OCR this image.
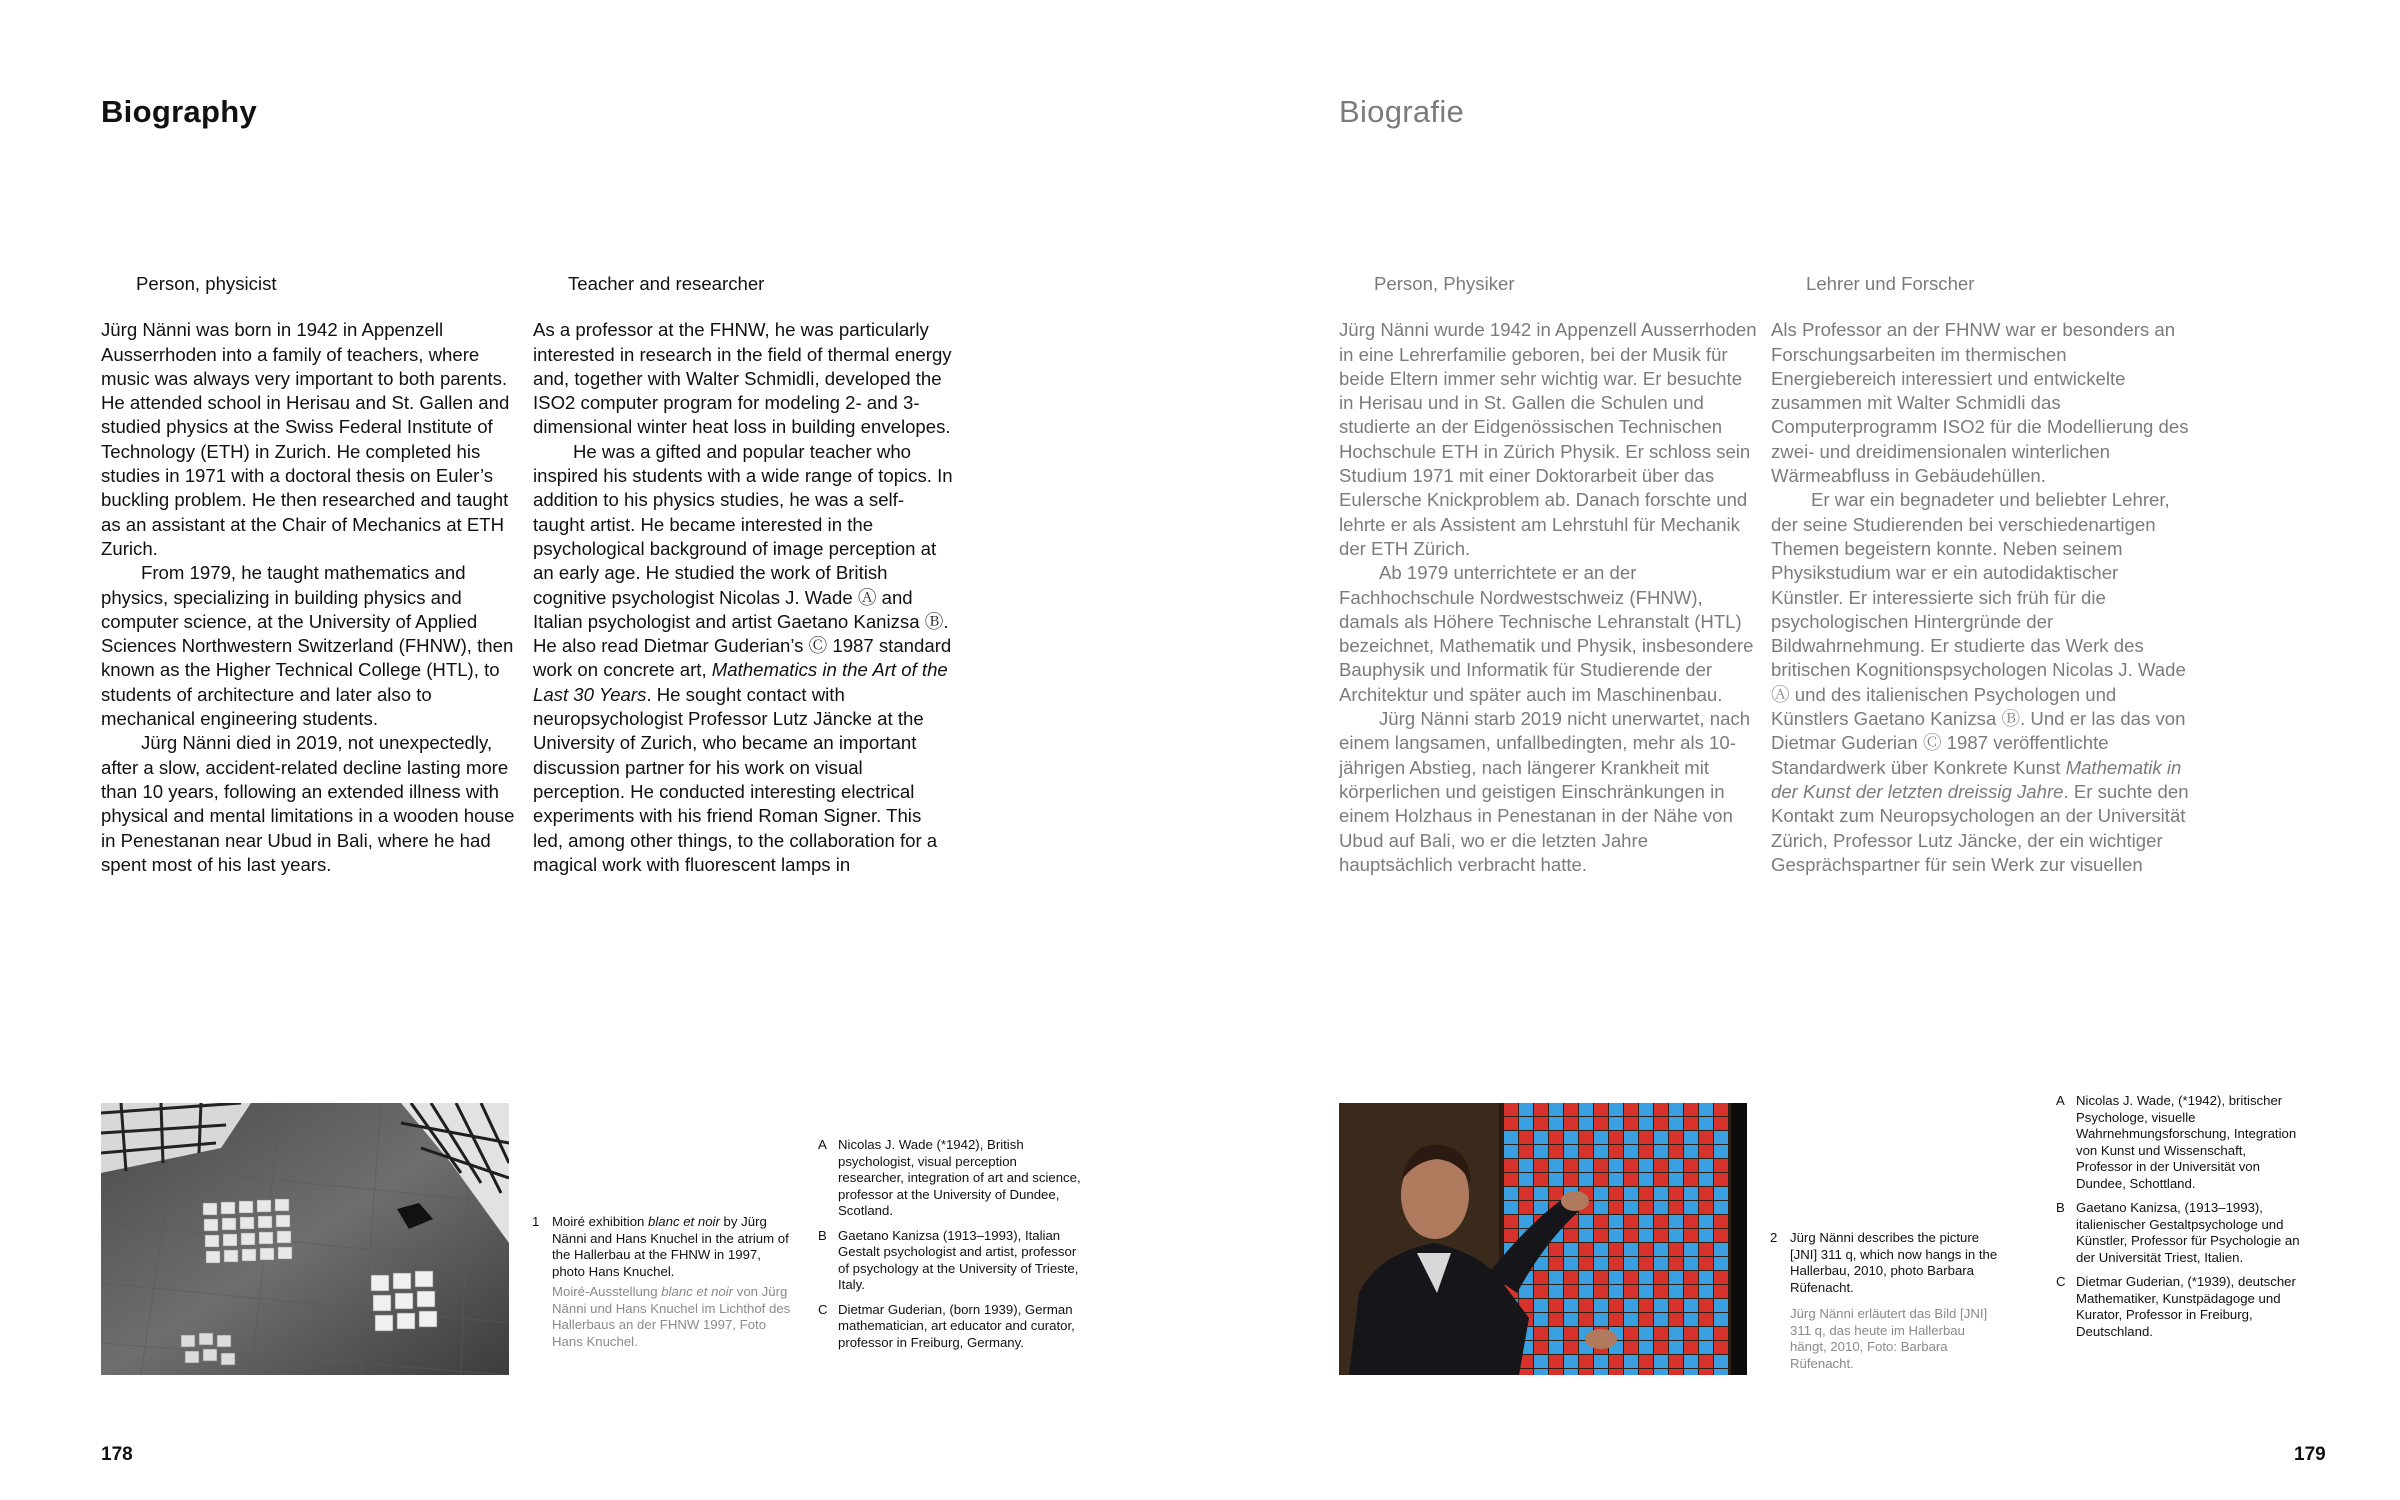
Biography
Person, physicist

Jürg Nänni was born in 1942 in Appenzell Ausserrhoden into a family of teachers, where music was always very important to both parents. He attended school in Herisau and St. Gallen and studied physics at the Swiss Federal Institute of Technology (ETH) in Zurich. He completed his studies in 1971 with a doctoral thesis on Euler’s buckling problem. He then researched and taught as an assistant at the Chair of Mechanics at ETH Zurich.

From 1979, he taught mathematics and physics, specializing in building physics and computer science, at the University of Applied Sciences Northwestern Switzerland (FHNW), then known as the Higher Technical College (HTL), to students of architecture and later also to mechanical engineering students.

Jürg Nänni died in 2019, not unexpectedly, after a slow, accident-related decline lasting more than 10 years, following an extended illness with physical and mental limitations in a wooden house in Penestanan near Ubud in Bali, where he had spent most of his last years.

Teacher and researcher

As a professor at the FHNW, he was particularly interested in research in the field of thermal energy and, together with Walter Schmidli, developed the ISO2 computer program for modeling 2- and 3-dimensional winter heat loss in building envelopes.

He was a gifted and popular teacher who inspired his students with a wide range of topics. In addition to his physics studies, he was a self-taught artist. He became interested in the psychological background of image perception at an early age. He studied the work of British cognitive psychologist Nicolas J. Wade Ⓐ and Italian psychologist and artist Gaetano Kanizsa Ⓑ. He also read Dietmar Guderian’s Ⓒ 1987 standard work on concrete art, Mathematics in the Art of the Last 30 Years. He sought contact with neuropsychologist Professor Lutz Jäncke at the University of Zurich, who became an important discussion partner for his work on visual perception. He conducted interesting electrical experiments with his friend Roman Signer. This led, among other things, to the collaboration for a magical work with fluorescent lamps in

1 Moiré exhibition blanc et noir by Jürg Nänni and Hans Knuchel in the atrium of the Hallerbau at the FHNW in 1997, photo Hans Knuchel.
Moiré-Ausstellung blanc et noir von Jürg Nänni und Hans Knuchel im Lichthof des Hallerbaus an der FHNW 1997, Foto Hans Knuchel.
A Nicolas J. Wade (*1942), British psychologist, visual perception researcher, integration of art and science, professor at the University of Dundee, Scotland.
B Gaetano Kanizsa (1913–1993), Italian Gestalt psychologist and artist, professor of psychology at the University of Trieste, Italy.
C Dietmar Guderian, (born 1939), German mathematician, art educator and curator, professor in Freiburg, Germany.
178
Biografie
Person, Physiker

Jürg Nänni wurde 1942 in Appenzell Ausserrhoden in eine Lehrerfamilie geboren, bei der Musik für beide Eltern immer sehr wichtig war. Er besuchte in Herisau und in St. Gallen die Schulen und studierte an der Eidgenössischen Technischen Hochschule ETH in Zürich Physik. Er schloss sein Studium 1971 mit einer Doktorarbeit über das Eulersche Knickproblem ab. Danach forschte und lehrte er als Assistent am Lehrstuhl für Mechanik der ETH Zürich.

Ab 1979 unterrichtete er an der Fachhochschule Nordwestschweiz (FHNW), damals als Höhere Technische Lehranstalt (HTL) bezeichnet, Mathematik und Physik, insbesondere Bauphysik und Informatik für Studierende der Architektur und später auch im Maschinenbau.

Jürg Nänni starb 2019 nicht unerwartet, nach einem langsamen, unfallbedingten, mehr als 10-jährigen Abstieg, nach längerer Krankheit mit körperlichen und geistigen Einschränkungen in einem Holzhaus in Penestanan in der Nähe von Ubud auf Bali, wo er die letzten Jahre hauptsächlich verbracht hatte.

Lehrer und Forscher

Als Professor an der FHNW war er besonders an Forschungsarbeiten im thermischen Energiebereich interessiert und entwickelte zusammen mit Walter Schmidli das Computerprogramm ISO2 für die Modellierung des zwei- und dreidimensionalen winterlichen Wärmeabfluss in Gebäudehüllen.

Er war ein begnadeter und beliebter Lehrer, der seine Studierenden bei verschiedenartigen Themen begeistern konnte. Neben seinem Physikstudium war er ein autodidaktischer Künstler. Er interessierte sich früh für die psychologischen Hintergründe der Bildwahrnehmung. Er studierte das Werk des britischen Kognitionspsychologen Nicolas J. Wade Ⓐ und des italienischen Psychologen und Künstlers Gaetano Kanizsa Ⓑ. Und er las das von Dietmar Guderian Ⓒ 1987 veröffentlichte Standardwerk über Konkrete Kunst Mathematik in der Kunst der letzten dreissig Jahre. Er suchte den Kontakt zum Neuropsychologen an der Universität Zürich, Professor Lutz Jäncke, der ein wichtiger Gesprächspartner für sein Werk zur visuellen

2 Jürg Nänni describes the picture [JNI] 311 q, which now hangs in the Hallerbau, 2010, photo Barbara Rüfenacht.
Jürg Nänni erläutert das Bild [JNI] 311 q, das heute im Hallerbau hängt, 2010, Foto: Barbara Rüfenacht.
A Nicolas J. Wade, (*1942), britischer Psychologe, visuelle Wahrnehmungsforschung, Integration von Kunst und Wissenschaft, Professor in der Universität von Dundee, Schottland.
B Gaetano Kanizsa, (1913–1993), italienischer Gestaltpsychologe und Künstler, Professor für Psychologie an der Universität Triest, Italien.
C Dietmar Guderian, (*1939), deutscher Mathematiker, Kunstpädagoge und Kurator, Professor in Freiburg, Deutschland.
179
